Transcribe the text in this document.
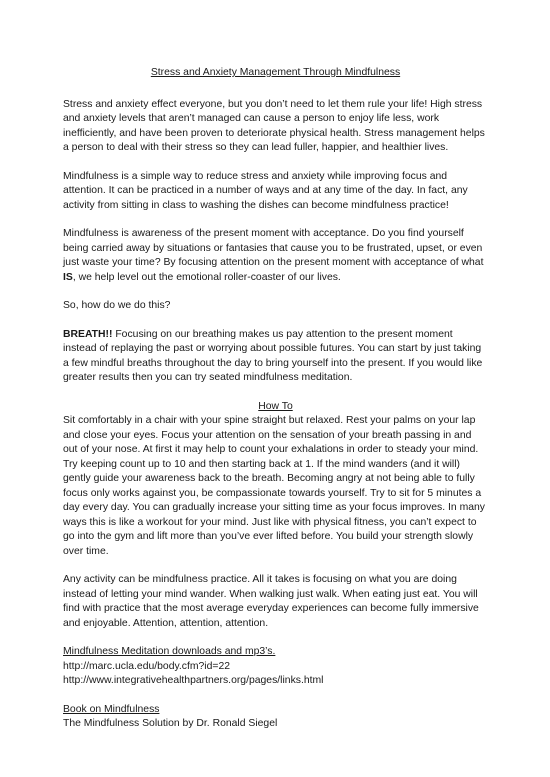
Stress and Anxiety Management Through Mindfulness

Stress and anxiety effect everyone, but you don’t need to let them rule your life! High stress and anxiety levels that aren’t managed can cause a person to enjoy life less, work inefficiently, and have been proven to deteriorate physical health. Stress management helps a person to deal with their stress so they can lead fuller, happier, and healthier lives.

Mindfulness is a simple way to reduce stress and anxiety while improving focus and attention. It can be practiced in a number of ways and at any time of the day. In fact, any activity from sitting in class to washing the dishes can become mindfulness practice!

Mindfulness is awareness of the present moment with acceptance. Do you find yourself being carried away by situations or fantasies that cause you to be frustrated, upset, or even just waste your time? By focusing attention on the present moment with acceptance of what IS, we help level out the emotional roller-coaster of our lives.

So, how do we do this?

BREATH!! Focusing on our breathing makes us pay attention to the present moment instead of replaying the past or worrying about possible futures. You can start by just taking a few mindful breaths throughout the day to bring yourself into the present. If you would like greater results then you can try seated mindfulness meditation.

How To

Sit comfortably in a chair with your spine straight but relaxed. Rest your palms on your lap and close your eyes. Focus your attention on the sensation of your breath passing in and out of your nose. At first it may help to count your exhalations in order to steady your mind. Try keeping count up to 10 and then starting back at 1. If the mind wanders (and it will) gently guide your awareness back to the breath. Becoming angry at not being able to fully focus only works against you, be compassionate towards yourself. Try to sit for 5 minutes a day every day. You can gradually increase your sitting time as your focus improves. In many ways this is like a workout for your mind. Just like with physical fitness, you can’t expect to go into the gym and lift more than you’ve ever lifted before. You build your strength slowly over time.

Any activity can be mindfulness practice. All it takes is focusing on what you are doing instead of letting your mind wander. When walking just walk. When eating just eat. You will find with practice that the most average everyday experiences can become fully immersive and enjoyable. Attention, attention, attention.

Mindfulness Meditation downloads and mp3’s.
http://marc.ucla.edu/body.cfm?id=22
http://www.integrativehealthpartners.org/pages/links.html
Book on Mindfulness
The Mindfulness Solution by Dr. Ronald Siegel
